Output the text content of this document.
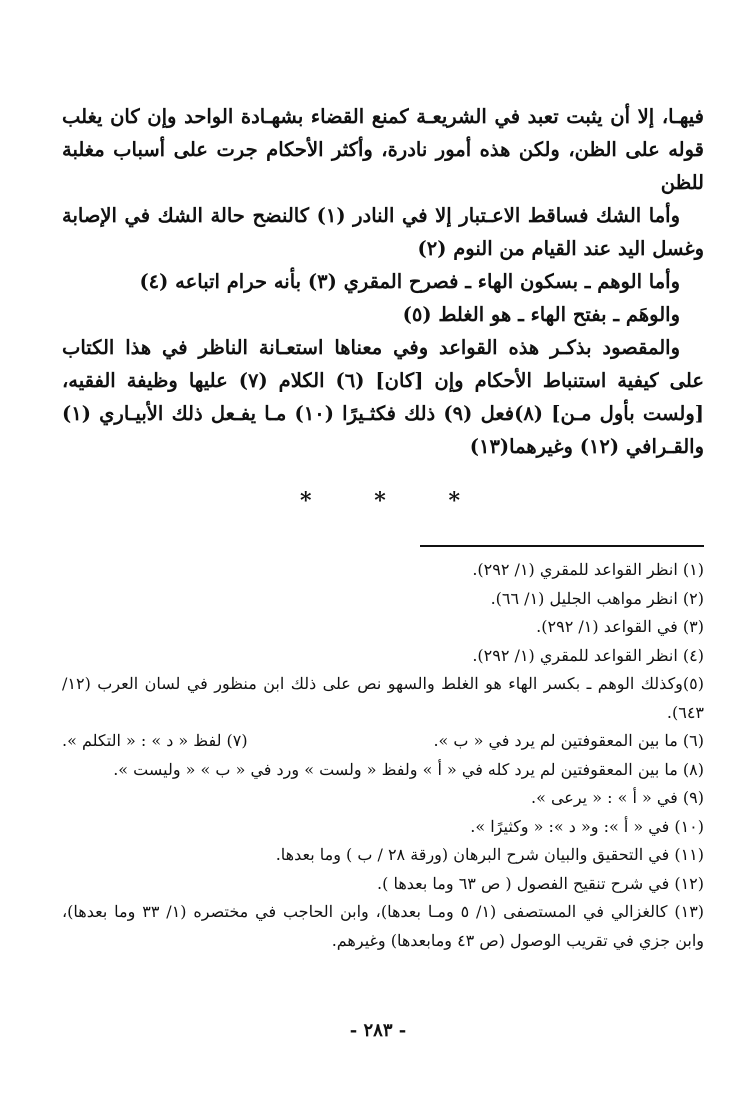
فيهـا، إلا أن يثبت تعبد في الشريعـة كمنع القضاء بشهـادة الواحد وإن كان يغلب قوله على الظن، ولكن هذه أمور نادرة، وأكثر الأحكام جرت على أسباب مغلبة للظن

وأما الشك فساقط الاعـتبار إلا في النادر (١) كالنضح حالة الشك في الإصابة وغسل اليد عند القيام من النوم (٢)

وأما الوهم ـ بسكون الهاء ـ فصرح المقري (٣) بأنه حرام اتباعه (٤)

والوهَم ـ بفتح الهاء ـ هو الغلط (٥)

والمقصود بذكـر هذه القواعد وفي معناها استعـانة الناظر في هذا الكتاب على كيفية استنباط الأحكام وإن [كان] (٦) الكلام (٧) عليها وظيفة الفقيه، [ولست بأول مـن] (٨)فعل (٩) ذلك فكثـيرًا (١٠) مـا يفـعل ذلك الأبيـاري (١) والقـرافي (١٢) وغيرهما(١٣)

*	*	*

(١) انظر القواعد للمقري (١/ ٢٩٢).

(٢) انظر مواهب الجليل (١/ ٦٦).

(٣) في القواعد (١/ ٢٩٢).

(٤) انظر القواعد للمقري (١/ ٢٩٢).

(٥)وكذلك الوهم ـ بكسر الهاء هو الغلط والسهو نص على ذلك ابن منظور في لسان العرب (١٢/ ٦٤٣).

(٦) ما بين المعقوفتين لم يرد في « ب ».
(٧) لفظ « د » : « التكلم ».

(٨) ما بين المعقوفتين لم يرد كله في « أ » ولفظ « ولست » ورد في « ب » « وليست ».

(٩) في « أ » : « يرعى ».

(١٠) في « أ »: و« د »: « وكثيرًا ».

(١١) في التحقيق والبيان شرح البرهان (ورقة ٢٨ / ب ) وما بعدها.

(١٢) في شرح تنقيح الفصول ( ص ٦٣ وما بعدها ).

(١٣) كالغزالي في المستصفى (١/ ٥ ومـا بعدها)، وابن الحاجب في مختصره (١/ ٣٣ وما بعدها)، وابن جزي في تقريب الوصول (ص ٤٣ ومابعدها) وغيرهم.

- ٢٨٣ -
